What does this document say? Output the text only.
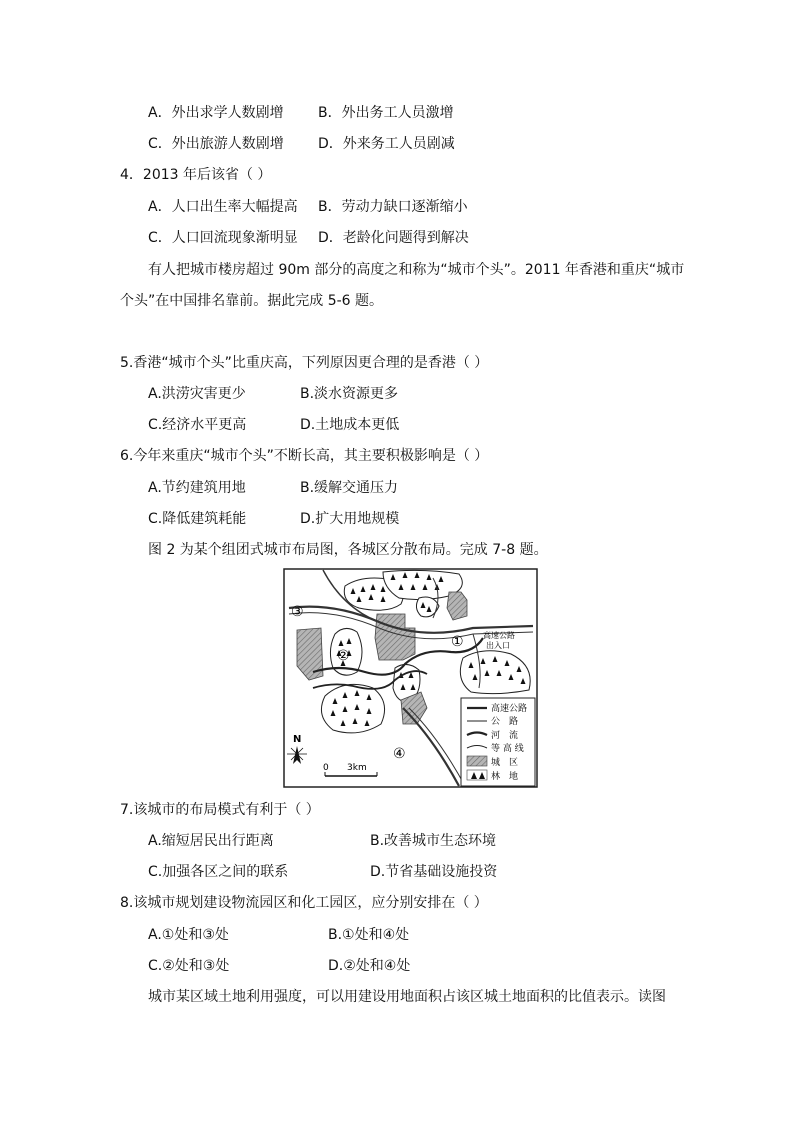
A．外出求学人数剧增 B．外出务工人员激增
C．外出旅游人数剧增 D．外来务工人员剧减
4．2013 年后该省（ ）
A．人口出生率大幅提高 B．劳动力缺口逐渐缩小
C．人口回流现象渐明显 D．老龄化问题得到解决
有人把城市楼房超过 90m 部分的高度之和称为“城市个头”。2011 年香港和重庆“城市
个头”在中国排名靠前。据此完成 5-6 题。
5.香港“城市个头”比重庆高，下列原因更合理的是香港（ ）
A.洪涝灾害更少	B.淡水资源更多
C.经济水平更高	D.土地成本更低
6.今年来重庆“城市个头”不断长高，其主要积极影响是（ ）
A.节约建筑用地	B.缓解交通压力
C.降低建筑耗能	D.扩大用地规模
图 2 为某个组团式城市布局图，各城区分散布局。完成 7-8 题。
③
①
②
④
高速公路
出入口
高速公路
公　路
河　流
等 高 线
城　区
林　地
N
0 3km
7.该城市的布局模式有利于（ ）
A.缩短居民出行距离	B.改善城市生态环境
C.加强各区之间的联系	D.节省基础设施投资
8.该城市规划建设物流园区和化工园区，应分别安排在（ ）
A.①处和③处	B.①处和④处
C.②处和③处	D.②处和④处
城市某区域土地利用强度，可以用建设用地面积占该区城土地面积的比值表示。读图
